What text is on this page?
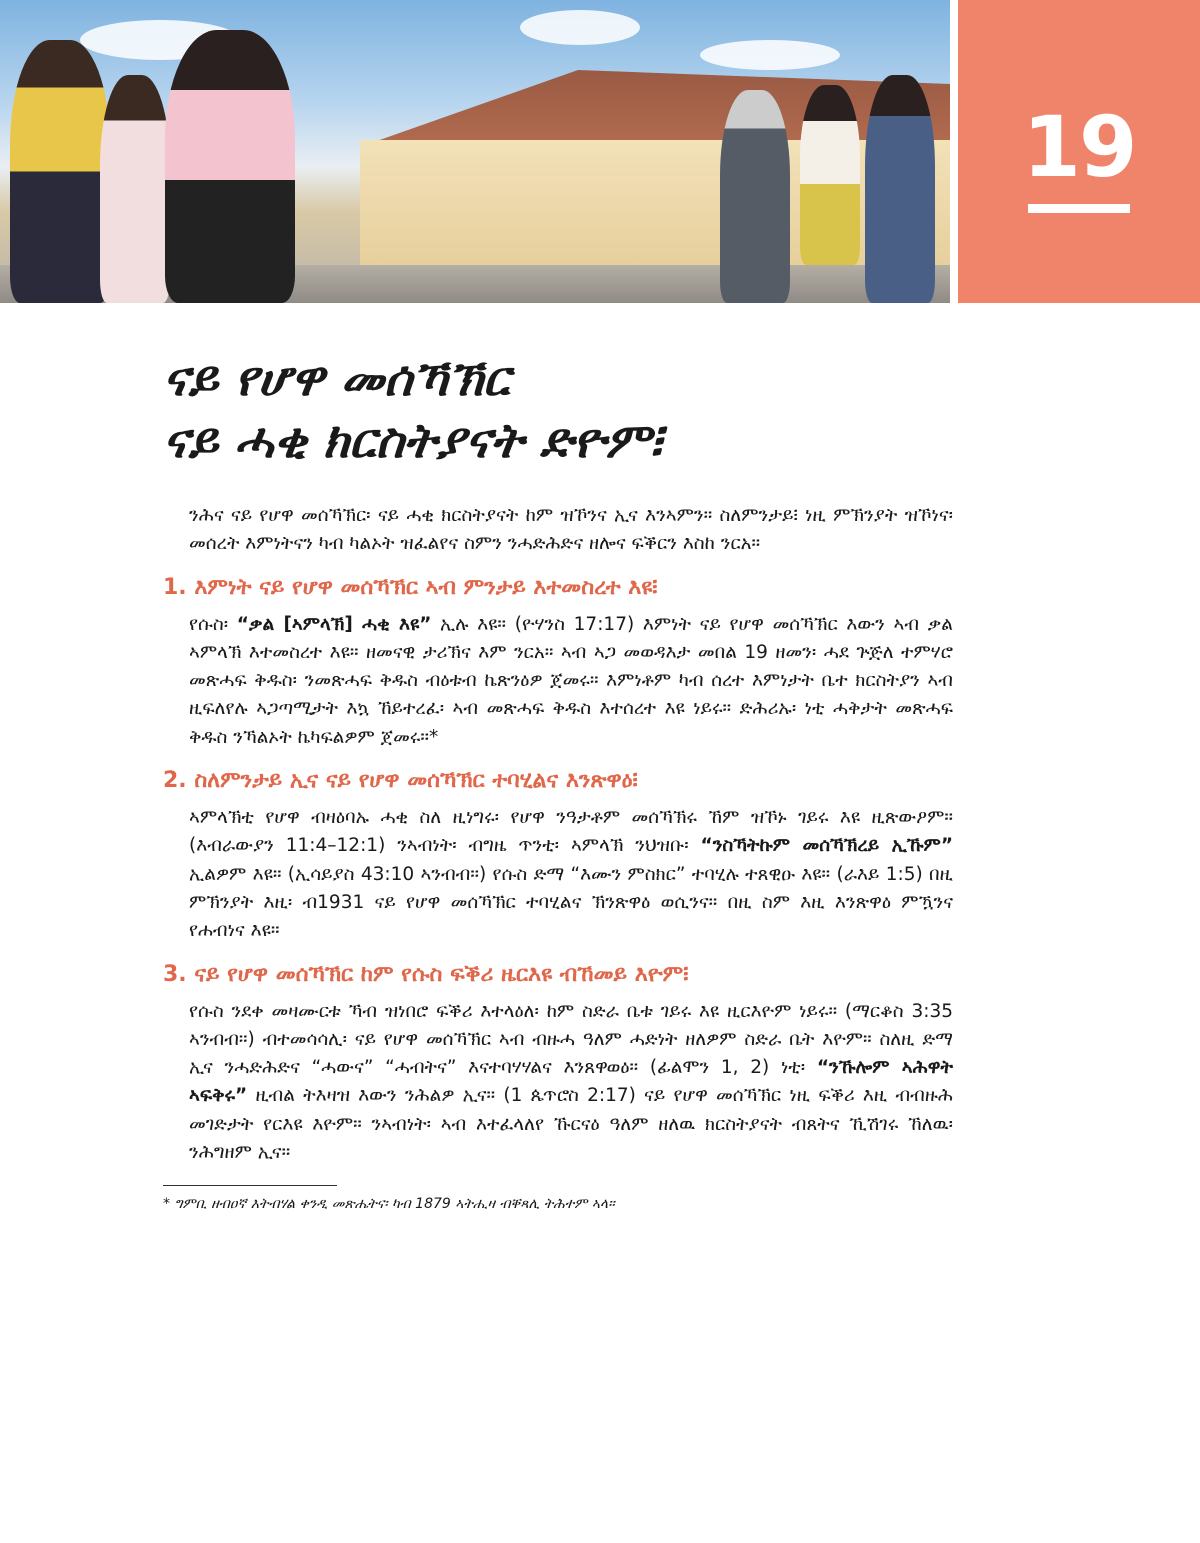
19
ናይ የሆዋ መሰኻኽር
ናይ ሓቂ ክርስትያናት ድዮም፧

ንሕና ናይ የሆዋ መሰኻኽር፡ ናይ ሓቂ ክርስትያናት ከም ዝኾንና ኢና እንኣምን። ስለምንታይ፧ ነዚ ምኽንያት ዝኾነና፡ መሰረት እምነትናን ካብ ካልኦት ዝፈልየና ስምን ንሓድሕድና ዘሎና ፍቕርን እስከ ንርአ።

1. እምነት ናይ የሆዋ መሰኻኽር ኣብ ምንታይ እተመስረተ እዩ፧

የሱስ፡ “ቃል [ኣምላኽ] ሓቂ እዩ” ኢሉ እዩ። (ዮሃንስ 17:17) እምነት ናይ የሆዋ መሰኻኽር እውን ኣብ ቃል ኣምላኽ እተመስረተ እዩ። ዘመናዊ ታሪኽና እም ንርአ። ኣብ ኣጋ መወዳእታ መበል 19 ዘመን፡ ሓደ ጕጅለ ተምሃሮ መጽሓፍ ቅዱስ፡ ንመጽሓፍ ቅዱስ ብዕቱብ ኬጽንዕዎ ጀመሩ። እምነቶም ካብ ሰረተ እምነታት ቤተ ክርስትያን ኣብ ዚፍለየሉ ኣጋጣሚታት እኳ ኸይተረፈ፡ ኣብ መጽሓፍ ቅዱስ እተሰረተ እዩ ነይሩ። ድሕሪኡ፡ ነቲ ሓቅታት መጽሓፍ ቅዱስ ንኻልኦት ኬካፍልዎም ጀመሩ።*

2. ስለምንታይ ኢና ናይ የሆዋ መሰኻኽር ተባሂልና እንጽዋዕ፧

ኣምላኽቲ የሆዋ ብዛዕባኡ ሓቂ ስለ ዚነግሩ፡ የሆዋ ንዓታቶም መሰኻኽሩ ኸም ዝኾኑ ገይሩ እዩ ዚጽውዖም። (እብራውያን 11:4–12:1) ንኣብነት፡ ብግዜ ጥንቲ፡ ኣምላኽ ንህዝቡ፡ “ንስኻትኩም መሰኻኽረይ ኢኹም” ኢልዎም እዩ። (ኢሳይያስ 43:10 ኣንብብ።) የሱስ ድማ “እሙን ምስክር” ተባሂሉ ተጸዊዑ እዩ። (ራእይ 1:5) በዚ ምኽንያት እዚ፡ ብ1931 ናይ የሆዋ መሰኻኽር ተባሂልና ኽንጽዋዕ ወሲንና። በዚ ስም እዚ እንጽዋዕ ምዃንና የሐብነና እዩ።

3. ናይ የሆዋ መሰኻኽር ከም የሱስ ፍቕሪ ዜርእዩ ብኸመይ እዮም፧

የሱስ ንደቀ መዛሙርቱ ኻብ ዝነበሮ ፍቕሪ እተላዕለ፡ ከም ስድራ ቤቱ ገይሩ እዩ ዚርእዮም ነይሩ። (ማርቆስ 3:35 ኣንብብ።) ብተመሳሳሊ፡ ናይ የሆዋ መሰኻኽር ኣብ ብዙሓ ዓለም ሓድነት ዘለዎም ስድራ ቤት እዮም። ስለዚ ድማ ኢና ንሓድሕድና “ሓውና” “ሓብትና” እናተባሃሃልና እንጸዋወዕ። (ፊልሞን 1, 2) ነቲ፡ “ንኹሎም ኣሕዋት ኣፍቅሩ” ዚብል ትእዛዝ እውን ንሕልዎ ኢና። (1 ጴጥሮስ 2:17) ናይ የሆዋ መሰኻኽር ነዚ ፍቕሪ እዚ ብብዙሕ መገድታት የርእዩ እዮም። ንኣብነት፡ ኣብ እተፈላለየ ኹርናዕ ዓለም ዘለዉ ክርስትያናት ብጸትና ኺሽገሩ ኸለዉ፡ ንሕግዘም ኢና።

* ግምቢ ዘብዐኛ እትብሃል ቀንዲ መጽሔትና፡ ካብ 1879 ኣትሒዛ ብቐጻሊ ትሕተም ኣላ።
